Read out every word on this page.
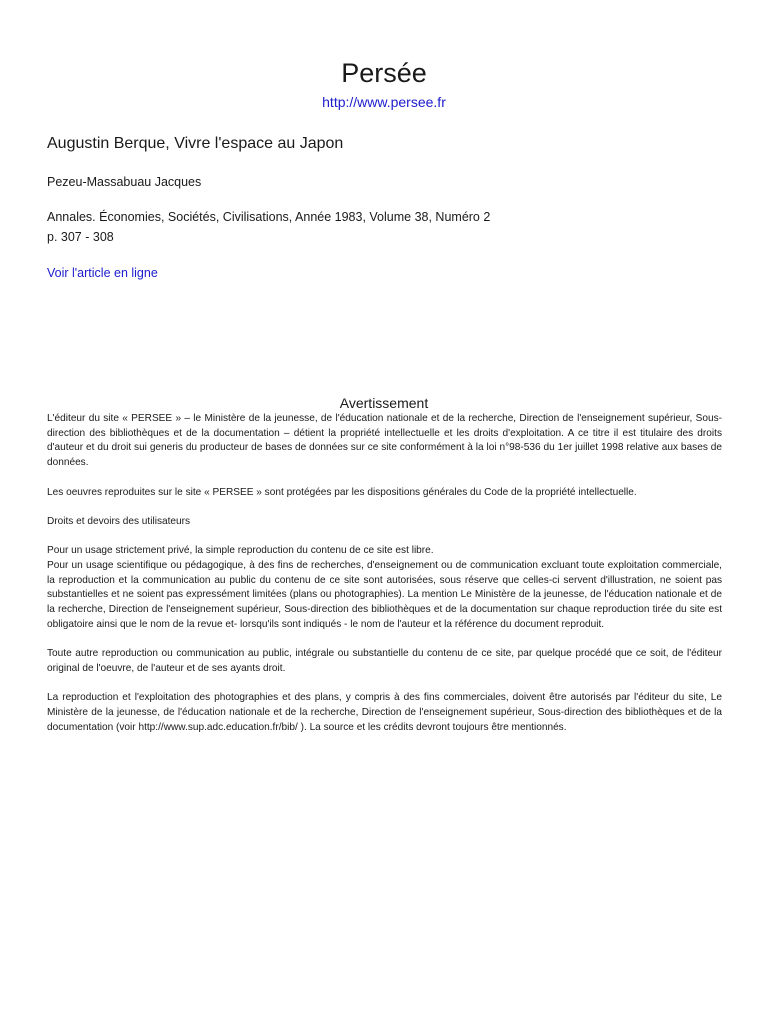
Persée
http://www.persee.fr
Augustin Berque, Vivre l'espace au Japon
Pezeu-Massabuau Jacques
Annales. Économies, Sociétés, Civilisations, Année 1983, Volume 38, Numéro 2
p. 307 - 308
Voir l'article en ligne
Avertissement

L'éditeur du site « PERSEE » – le Ministère de la jeunesse, de l'éducation nationale et de la recherche, Direction de l'enseignement supérieur, Sous-direction des bibliothèques et de la documentation – détient la propriété intellectuelle et les droits d'exploitation. A ce titre il est titulaire des droits d'auteur et du droit sui generis du producteur de bases de données sur ce site conformément à la loi n°98-536 du 1er juillet 1998 relative aux bases de données.

Les oeuvres reproduites sur le site « PERSEE » sont protégées par les dispositions générales du Code de la propriété intellectuelle.

Droits et devoirs des utilisateurs

Pour un usage strictement privé, la simple reproduction du contenu de ce site est libre.

Pour un usage scientifique ou pédagogique, à des fins de recherches, d'enseignement ou de communication excluant toute exploitation commerciale, la reproduction et la communication au public du contenu de ce site sont autorisées, sous réserve que celles-ci servent d'illustration, ne soient pas substantielles et ne soient pas expressément limitées (plans ou photographies). La mention Le Ministère de la jeunesse, de l'éducation nationale et de la recherche, Direction de l'enseignement supérieur, Sous-direction des bibliothèques et de la documentation sur chaque reproduction tirée du site est obligatoire ainsi que le nom de la revue et- lorsqu'ils sont indiqués - le nom de l'auteur et la référence du document reproduit.

Toute autre reproduction ou communication au public, intégrale ou substantielle du contenu de ce site, par quelque procédé que ce soit, de l'éditeur original de l'oeuvre, de l'auteur et de ses ayants droit.

La reproduction et l'exploitation des photographies et des plans, y compris à des fins commerciales, doivent être autorisés par l'éditeur du site, Le Ministère de la jeunesse, de l'éducation nationale et de la recherche, Direction de l'enseignement supérieur, Sous-direction des bibliothèques et de la documentation (voir http://www.sup.adc.education.fr/bib/ ). La source et les crédits devront toujours être mentionnés.
